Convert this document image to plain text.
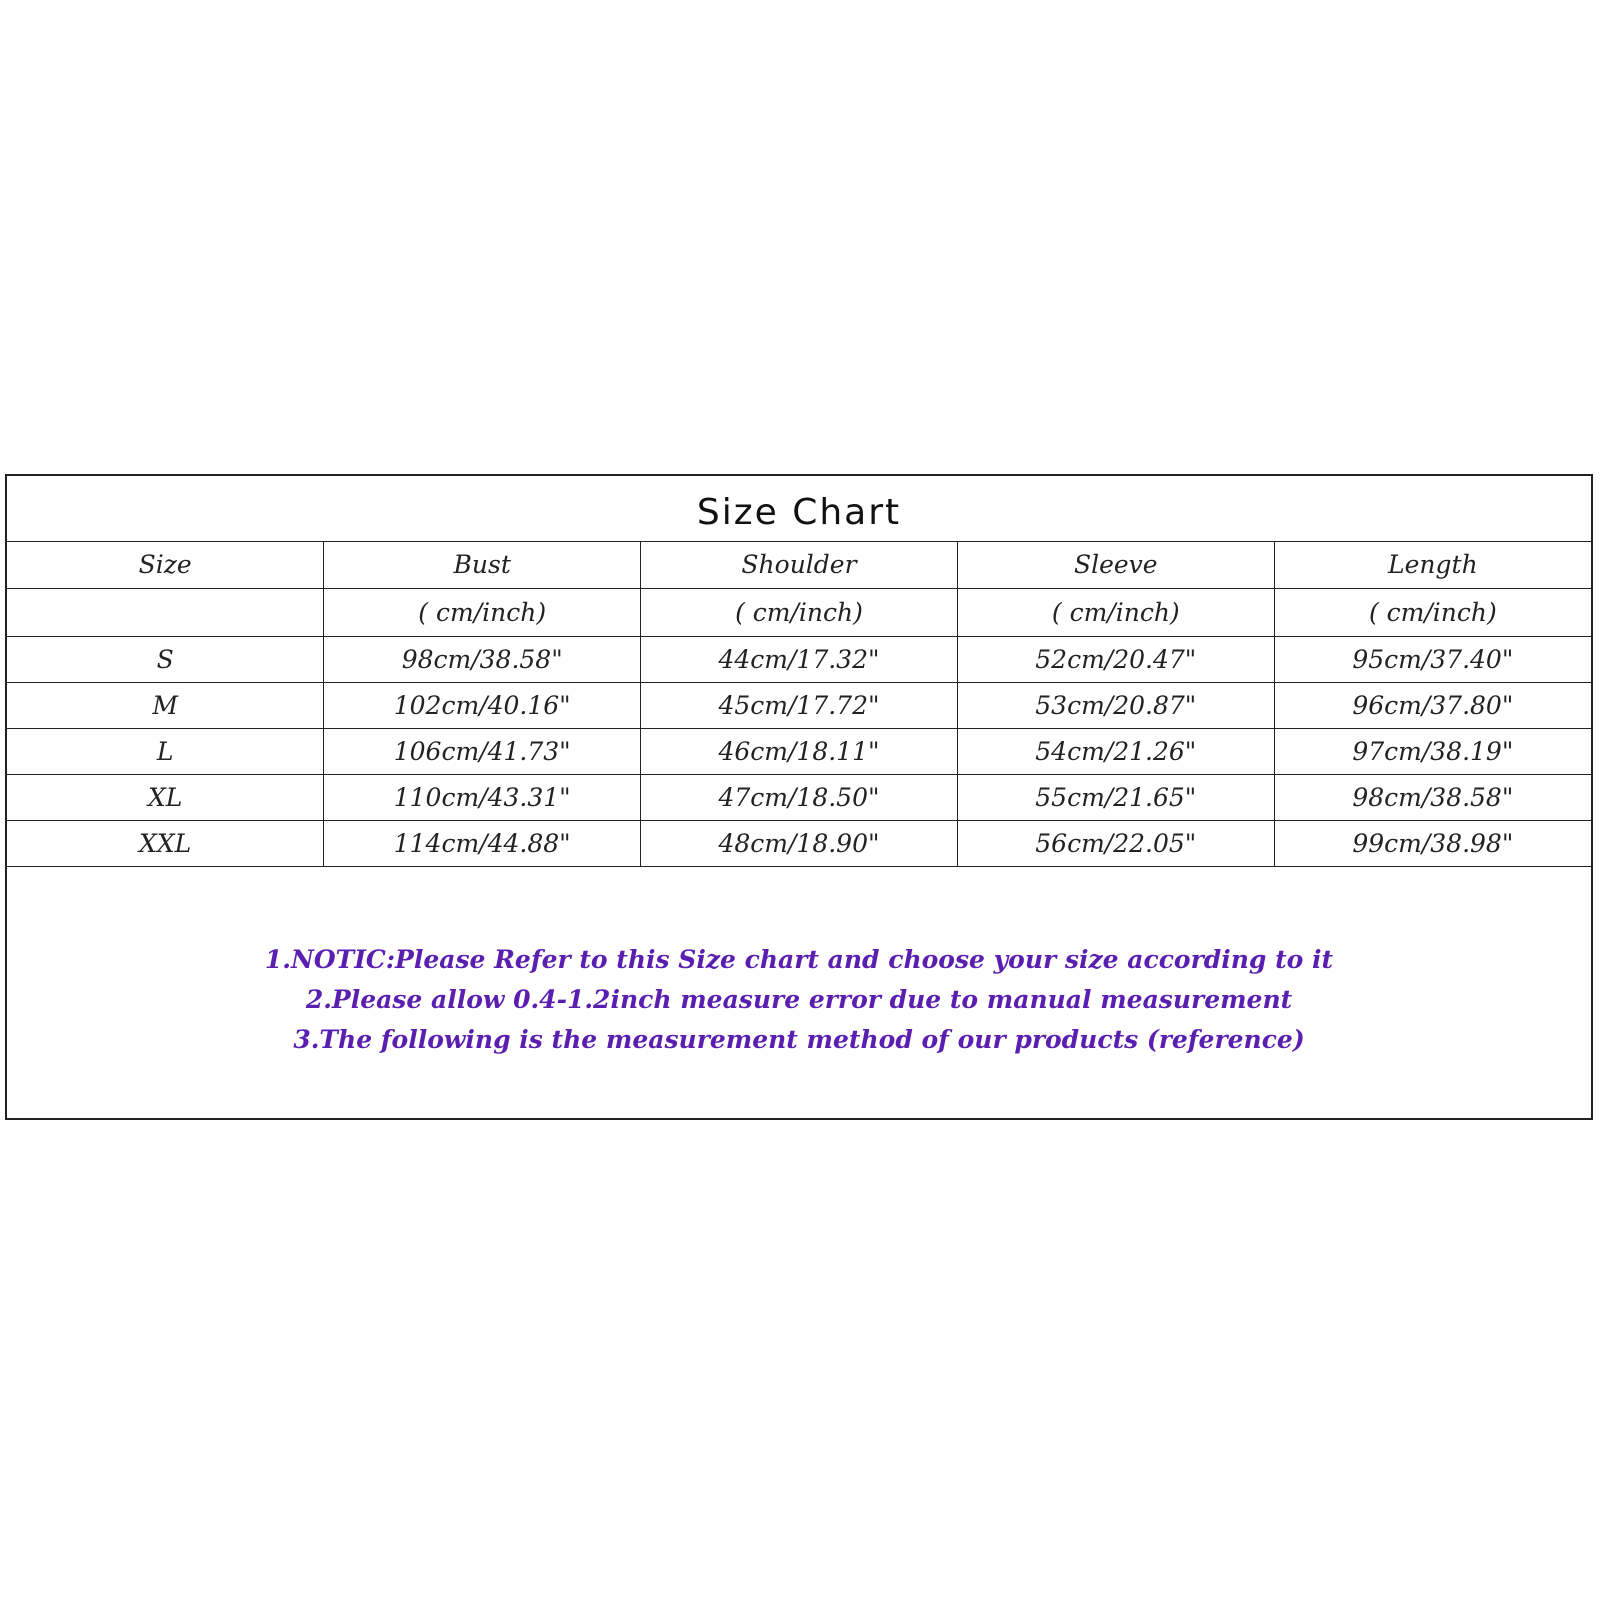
Size Chart
Size	Bust	Shoulder	Sleeve	Length
	( cm/inch)	( cm/inch)	( cm/inch)	( cm/inch)
S	98cm/38.58"	44cm/17.32"	52cm/20.47"	95cm/37.40"
M	102cm/40.16"	45cm/17.72"	53cm/20.87"	96cm/37.80"
L	106cm/41.73"	46cm/18.11"	54cm/21.26"	97cm/38.19"
XL	110cm/43.31"	47cm/18.50"	55cm/21.65"	98cm/38.58"
XXL	114cm/44.88"	48cm/18.90"	56cm/22.05"	99cm/38.98"
1.NOTIC:Please Refer to this Size chart and choose your size according to it
2.Please allow 0.4-1.2inch measure error due to manual measurement
3.The following is the measurement method of our products (reference)
